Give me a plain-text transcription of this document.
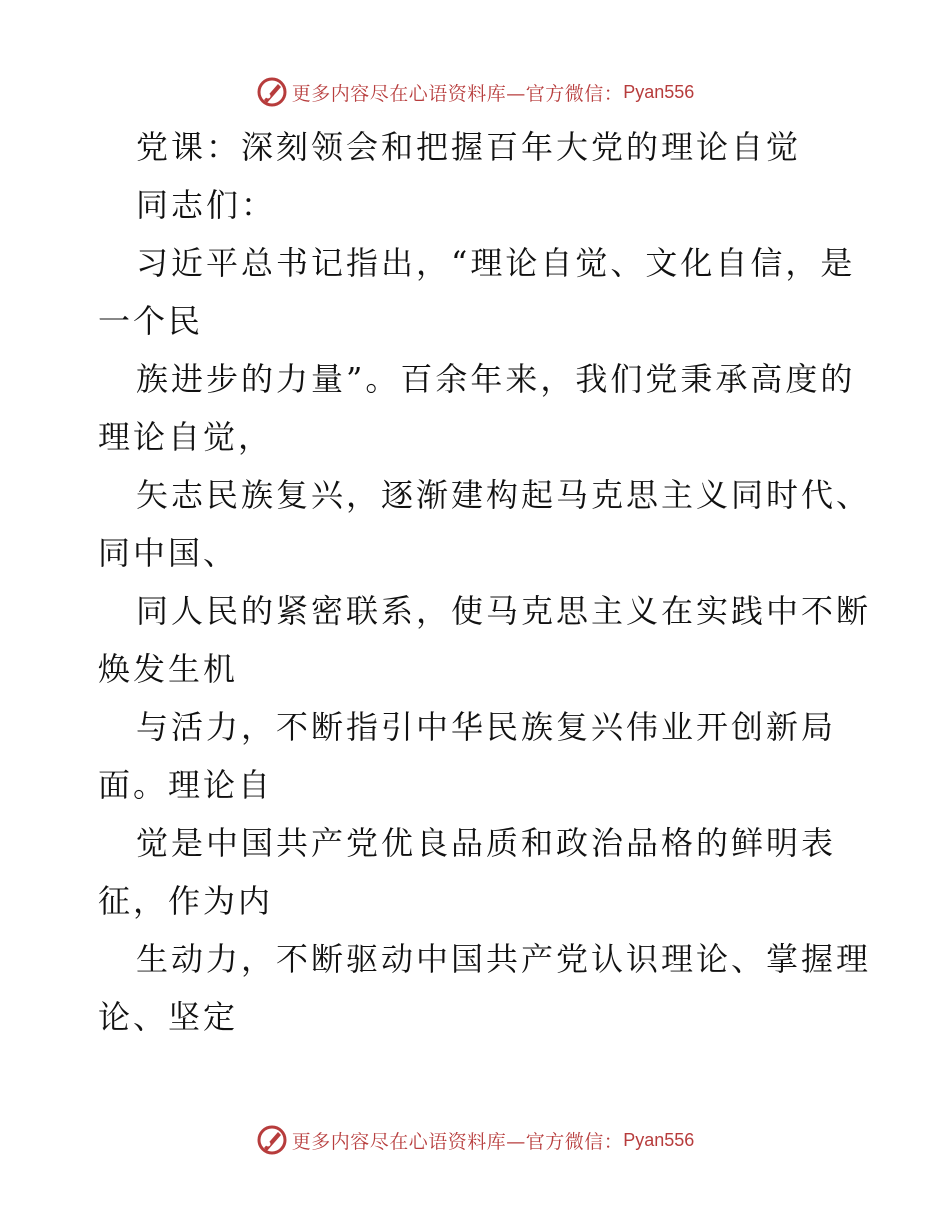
更多内容尽在心语资料库—官方微信： Pyan556
党课：深刻领会和把握百年大党的理论自觉
同志们：
习近平总书记指出，“理论自觉、文化自信，是
一个民
族进步的力量”。百余年来，我们党秉承高度的
理论自觉，
矢志民族复兴，逐渐建构起马克思主义同时代、
同中国、
同人民的紧密联系，使马克思主义在实践中不断
焕发生机
与活力，不断指引中华民族复兴伟业开创新局
面。理论自
觉是中国共产党优良品质和政治品格的鲜明表
征，作为内
生动力，不断驱动中国共产党认识理论、掌握理
论、坚定
更多内容尽在心语资料库—官方微信： Pyan556
